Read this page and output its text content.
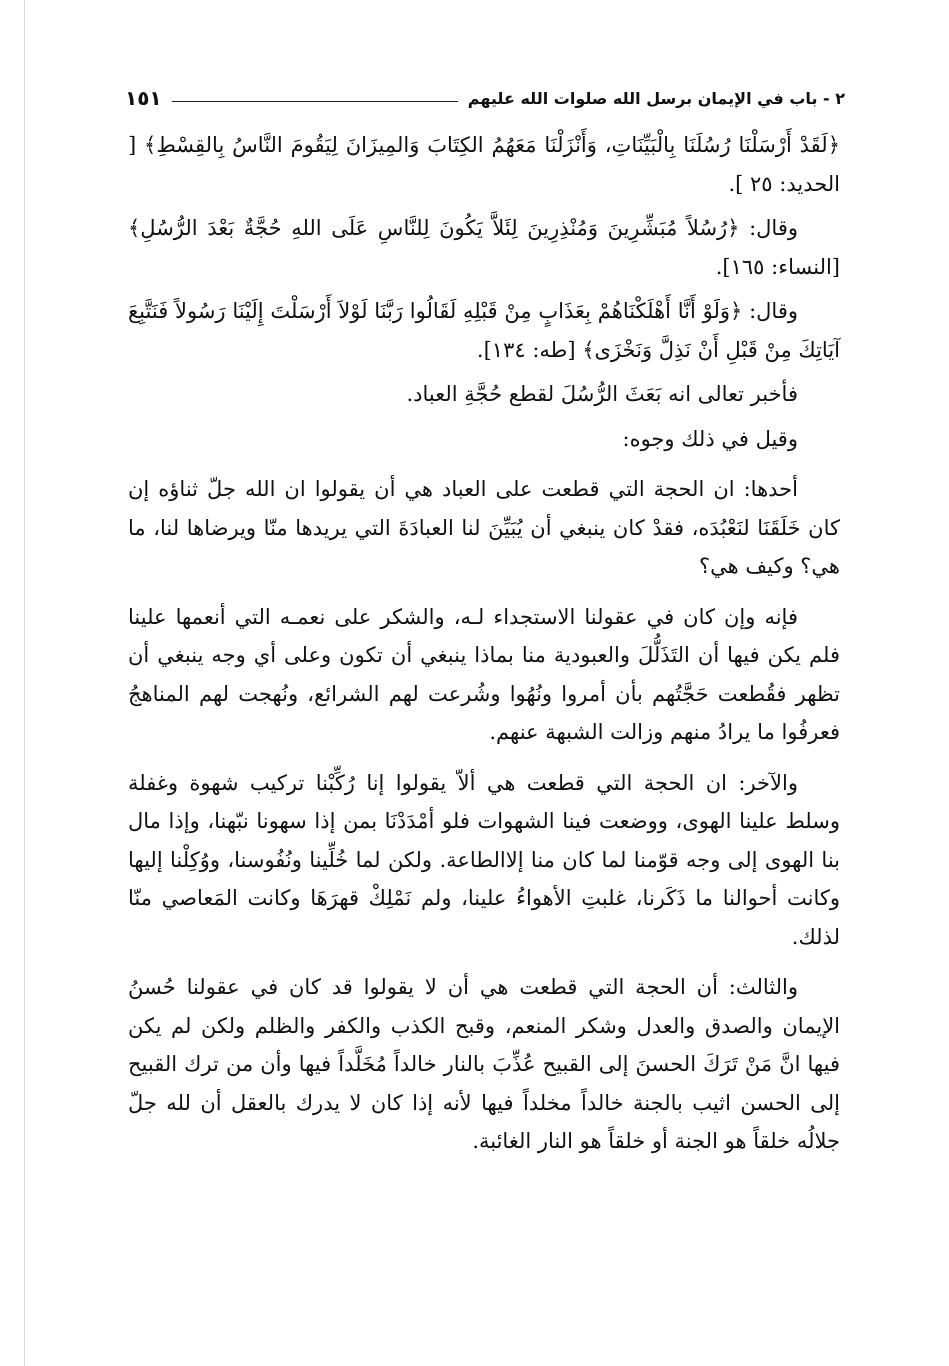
٢ - باب في الإيمان برسل الله صلوات الله عليهم
١٥١

﴿لَقَدْ أَرْسَلْنَا رُسُلَنَا بِالْبَيِّنَاتِ، وَأَنْزَلْنَا مَعَهُمُ الكِتَابَ وَالمِيزَانَ لِيَقُومَ النَّاسُ بِالقِسْطِ﴾ [ الحديد: ٢٥ ].

وقال: ﴿رُسُلاً مُبَشِّرِينَ وَمُنْذِرِينَ لِئَلاَّ يَكُونَ لِلنَّاسِ عَلَى اللهِ حُجَّةٌ بَعْدَ الرُّسُلِ﴾ [النساء: ١٦٥].

وقال: ﴿وَلَوْ أَنَّا أَهْلَكْنَاهُمْ بِعَذَابٍ مِنْ قَبْلِهِ لَقَالُوا رَبَّنَا لَوْلاَ أَرْسَلْتَ إِلَيْنَا رَسُولاً فَنَتَّبِعَ آيَاتِكَ مِنْ قَبْلِ أَنْ نَذِلَّ وَنَخْزَى﴾ [طه: ١٣٤].

فأخبر تعالى انه بَعَثَ الرُّسُلَ لقطع حُجَّةِ العباد.

وقيل في ذلك وجوه:

أحدها: ان الحجة التي قطعت على العباد هي أن يقولوا ان الله جلّ ثناؤه إن كان خَلَقَنَا لنَعْبُدَه، فقدْ كان ينبغي أن يُبَيِّنَ لنا العبادَةَ التي يريدها منّا ويرضاها لنا، ما هي؟ وكيف هي؟

فإنه وإن كان في عقولنا الاستجداء لـه، والشكر على نعمـه التي أنعمها علينا فلم يكن فيها أن التَذَلُّلَ والعبودية منا بماذا ينبغي أن تكون وعلى أي وجه ينبغي أن تظهر فقُطعت حَجَّتُهم بأن أمروا ونُهُوا وشُرعت لهم الشرائع، ونُهجت لهم المناهجُ فعرفُوا ما يرادُ منهم وزالت الشبهة عنهم.

والآخر: ان الحجة التي قطعت هي ألاّ يقولوا إنا رُكِّبْنا تركيب شهوة وغفلة وسلط علينا الهوى، ووضعت فينا الشهوات فلو أمْدَدْنَا بمن إذا سهونا نبّهنا، وإذا مال بنا الهوى إلى وجه قوّمنا لما كان منا إلاالطاعة. ولكن لما خُلِّينا ونُفُوسنا، ووُكِلْنا إليها وكانت أحوالنا ما ذَكَرنا، غلبتِ الأهواءُ علينا، ولم نَمْلِكْ قهرَهَا وكانت المَعاصي منّا لذلك.

والثالث: أن الحجة التي قطعت هي أن لا يقولوا قد كان في عقولنا حُسنُ الإيمان والصدق والعدل وشكر المنعم، وقبح الكذب والكفر والظلم ولكن لم يكن فيها انَّ مَنْ تَرَكَ الحسنَ إلى القبيح عُذِّبَ بالنار خالداً مُخَلَّداً فيها وأن من ترك القبيح إلى الحسن اثيب بالجنة خالداً مخلداً فيها لأنه إذا كان لا يدرك بالعقل أن لله جلّ جلالُه خلقاً هو الجنة أو خلقاً هو النار الغائبة.
